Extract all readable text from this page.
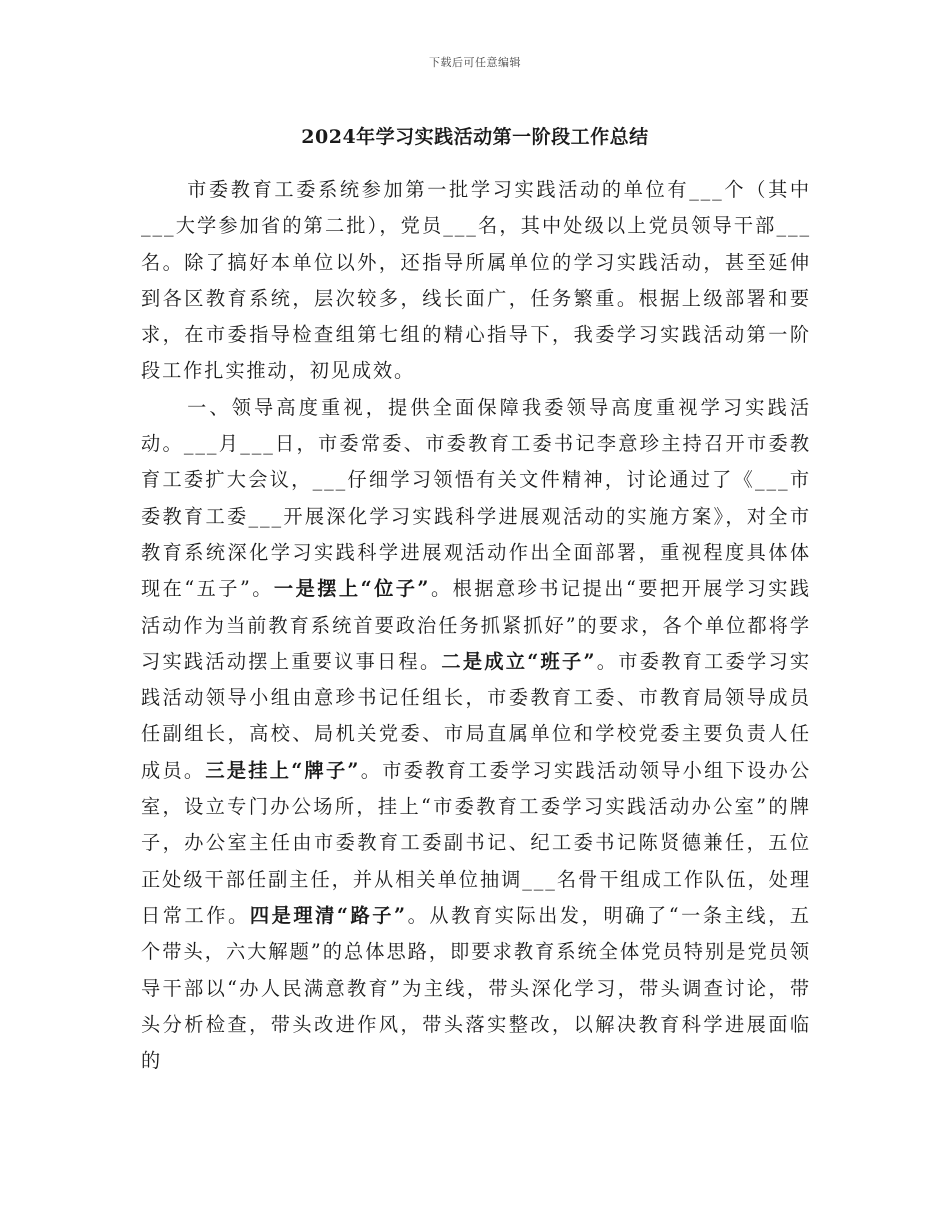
下载后可任意编辑
2024年学习实践活动第一阶段工作总结

市委教育工委系统参加第一批学习实践活动的单位有___个（其中___大学参加省的第二批），党员___名，其中处级以上党员领导干部___名。除了搞好本单位以外，还指导所属单位的学习实践活动，甚至延伸到各区教育系统，层次较多，线长面广，任务繁重。根据上级部署和要求，在市委指导检查组第七组的精心指导下，我委学习实践活动第一阶段工作扎实推动，初见成效。

一、领导高度重视，提供全面保障我委领导高度重视学习实践活动。___月___日，市委常委、市委教育工委书记李意珍主持召开市委教育工委扩大会议，___仔细学习领悟有关文件精神，讨论通过了《___市委教育工委___开展深化学习实践科学进展观活动的实施方案》，对全市教育系统深化学习实践科学进展观活动作出全面部署，重视程度具体体现在“五子”。一是摆上“位子”。根据意珍书记提出“要把开展学习实践活动作为当前教育系统首要政治任务抓紧抓好”的要求，各个单位都将学习实践活动摆上重要议事日程。二是成立“班子”。市委教育工委学习实践活动领导小组由意珍书记任组长，市委教育工委、市教育局领导成员任副组长，高校、局机关党委、市局直属单位和学校党委主要负责人任成员。三是挂上“牌子”。市委教育工委学习实践活动领导小组下设办公室，设立专门办公场所，挂上“市委教育工委学习实践活动办公室”的牌子，办公室主任由市委教育工委副书记、纪工委书记陈贤德兼任，五位正处级干部任副主任，并从相关单位抽调___名骨干组成工作队伍，处理日常工作。四是理清“路子”。从教育实际出发，明确了“一条主线，五个带头，六大解题”的总体思路，即要求教育系统全体党员特别是党员领导干部以“办人民满意教育”为主线，带头深化学习，带头调查讨论，带头分析检查，带头改进作风，带头落实整改，以解决教育科学进展面临的
